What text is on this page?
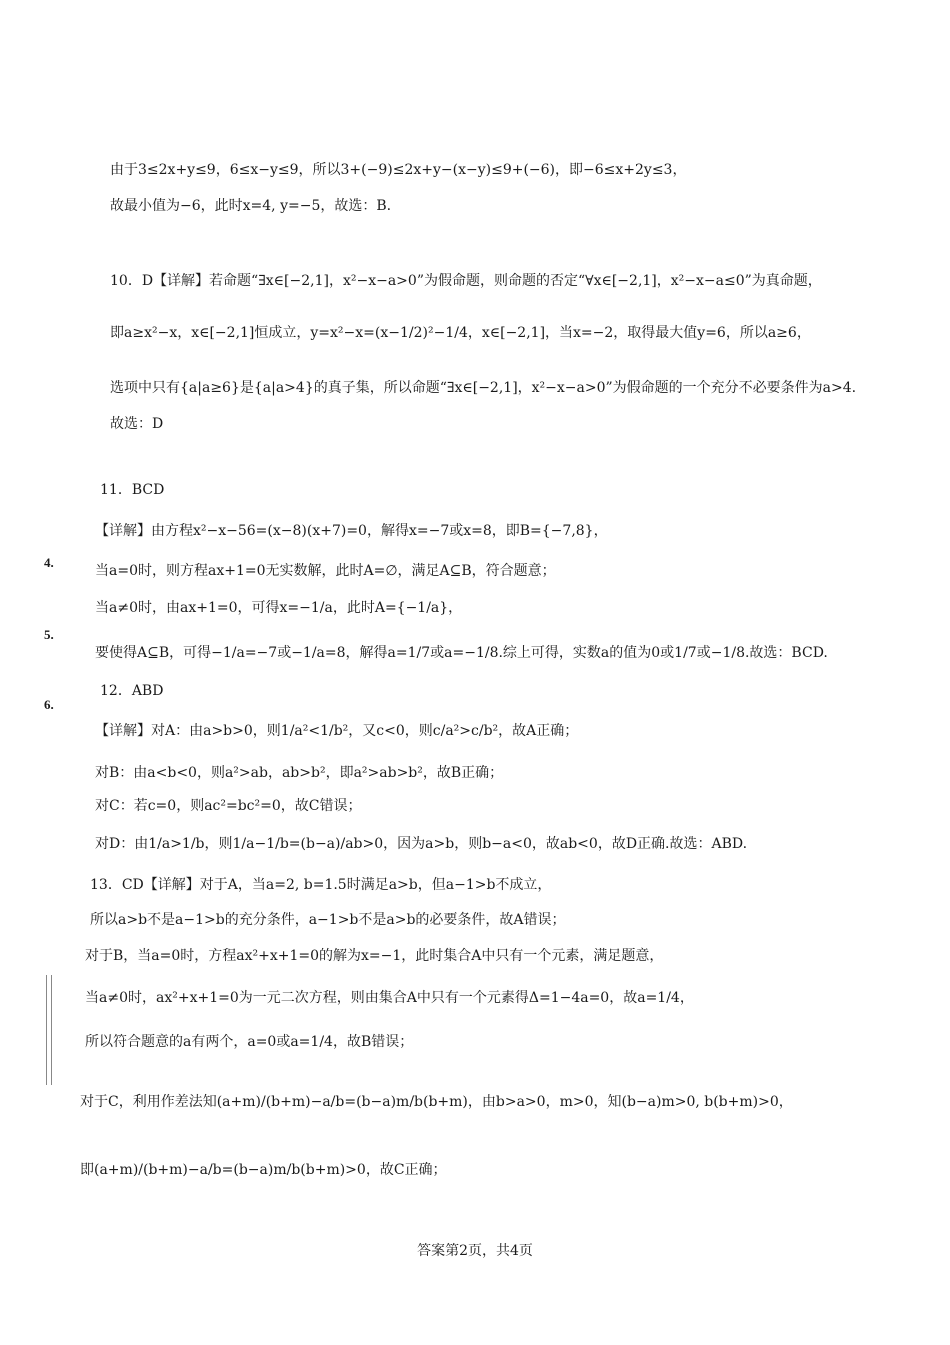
由于3≤2x+y≤9，6≤x−y≤9，所以3+(−9)≤2x+y−(x−y)≤9+(−6)，即−6≤x+2y≤3，
故最小值为−6，此时x=4, y=−5，故选：B.
10．D【详解】若命题“∃x∈[−2,1]，x²−x−a>0”为假命题，则命题的否定“∀x∈[−2,1]，x²−x−a≤0”为真命题，
即a≥x²−x，x∈[−2,1]恒成立，y=x²−x=(x−1/2)²−1/4，x∈[−2,1]，当x=−2，取得最大值y=6，所以a≥6，
选项中只有{a|a≥6}是{a|a>4}的真子集，所以命题“∃x∈[−2,1]，x²−x−a>0”为假命题的一个充分不必要条件为a>4.
故选：D
11．BCD
【详解】由方程x²−x−56=(x−8)(x+7)=0，解得x=−7或x=8，即B={−7,8}，
当a=0时，则方程ax+1=0无实数解，此时A=∅，满足A⊆B，符合题意；
当a≠0时，由ax+1=0，可得x=−1/a，此时A={−1/a}，
要使得A⊆B，可得−1/a=−7或−1/a=8，解得a=1/7或a=−1/8.综上可得，实数a的值为0或1/7或−1/8.故选：BCD.
12．ABD
【详解】对A：由a>b>0，则1/a²<1/b²，又c<0，则c/a²>c/b²，故A正确；
对B：由a<b<0，则a²>ab，ab>b²，即a²>ab>b²，故B正确；
对C：若c=0，则ac²=bc²=0，故C错误；
对D：由1/a>1/b，则1/a−1/b=(b−a)/ab>0，因为a>b，则b−a<0，故ab<0，故D正确.故选：ABD.
13．CD【详解】对于A，当a=2, b=1.5时满足a>b，但a−1>b不成立，
所以a>b不是a−1>b的充分条件，a−1>b不是a>b的必要条件，故A错误；
对于B，当a=0时，方程ax²+x+1=0的解为x=−1，此时集合A中只有一个元素，满足题意，
当a≠0时，ax²+x+1=0为一元二次方程，则由集合A中只有一个元素得Δ=1−4a=0，故a=1/4，
所以符合题意的a有两个，a=0或a=1/4，故B错误；
对于C，利用作差法知(a+m)/(b+m)−a/b=(b−a)m/b(b+m)，由b>a>0，m>0，知(b−a)m>0, b(b+m)>0，
即(a+m)/(b+m)−a/b=(b−a)m/b(b+m)>0，故C正确；
4.
5.
6.
答案第2页，共4页
